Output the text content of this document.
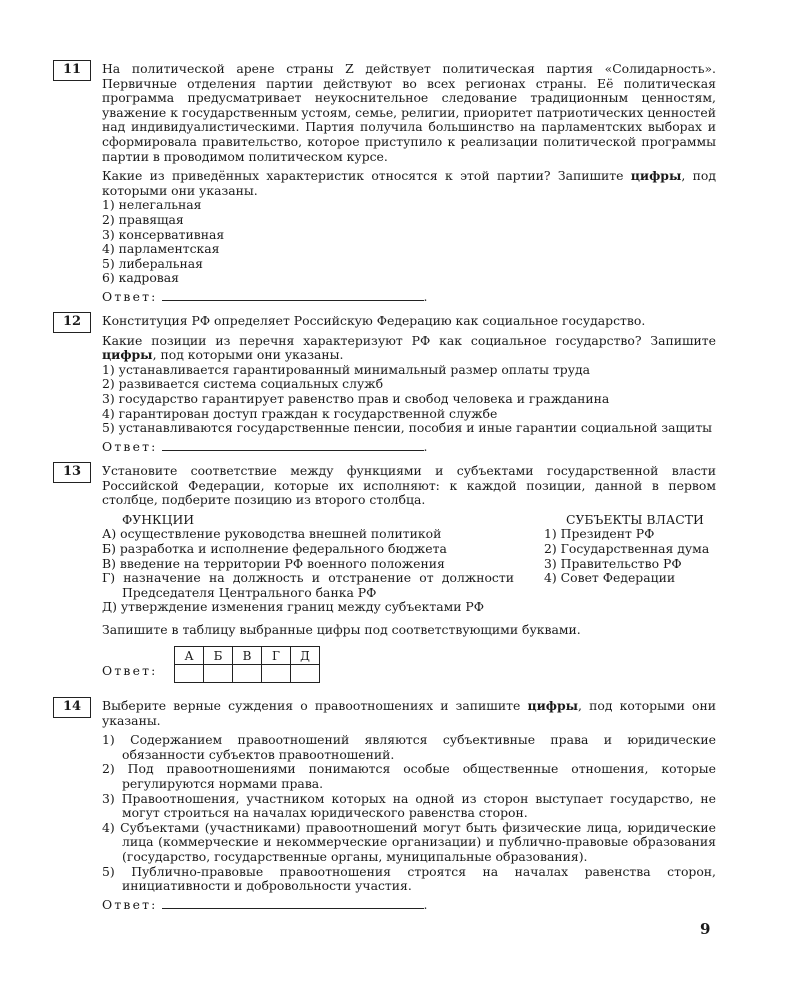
11	На политической арене страны Z действует политическая партия «Солидарность». Первичные отделения партии действуют во всех регионах страны. Её политическая программа предусматривает неукоснительное следование традиционным ценностям, уважение к государственным устоям, семье, религии, приоритет патриотических ценностей над индивидуалистическими. Партия получила большинство на парламентских выборах и сформировала правительство, которое приступило к реализации политической программы партии в проводимом политическом курсе.

Какие из приведённых характеристик относятся к этой партии? Запишите цифры, под которыми они указаны.

1) нелегальная
2) правящая
3) консервативная
4) парламентская
5) либеральная
6) кадровая
Ответ:	.
12	Конституция РФ определяет Российскую Федерацию как социальное государство.

Какие позиции из перечня характеризуют РФ как социальное государство? Запишите цифры, под которыми они указаны.

1) устанавливается гарантированный минимальный размер оплаты труда
2) развивается система социальных служб
3) государство гарантирует равенство прав и свобод человека и гражданина
4) гарантирован доступ граждан к государственной службе
5) устанавливаются государственные пенсии, пособия и иные гарантии социальной защиты
Ответ:	.
13	Установите соответствие между функциями и субъектами государственной власти Российской Федерации, которые их исполняют: к каждой позиции, данной в первом столбце, подберите позицию из второго столбца.

ФУНКЦИИ
А) осуществление руководства внешней политикой
Б) разработка и исполнение федерального бюджета
В) введение на территории РФ военного положения
Г) назначение на должность и отстранение от должности Председателя Центрального банка РФ
Д) утверждение изменения границ между субъектами РФ
СУБЪЕКТЫ ВЛАСТИ
1) Президент РФ
2) Государственная дума
3) Правительство РФ
4) Совет Федерации

Запишите в таблицу выбранные цифры под соответствующими буквами.

Ответ:
А	Б	В	Г	Д

14	Выберите верные суждения о правоотношениях и запишите цифры, под которыми они указаны.

1) Содержанием правоотношений являются субъективные права и юридические обязанности субъектов правоотношений.
2) Под правоотношениями понимаются особые общественные отношения, которые регулируются нормами права.
3) Правоотношения, участником которых на одной из сторон выступает государство, не могут строиться на началах юридического равенства сторон.
4) Субъектами (участниками) правоотношений могут быть физические лица, юридические лица (коммерческие и некоммерческие организации) и публично-правовые образования (государство, государственные органы, муниципальные образования).
5) Публично-правовые правоотношения строятся на началах равенства сторон, инициативности и добровольности участия.
Ответ:	.
9
